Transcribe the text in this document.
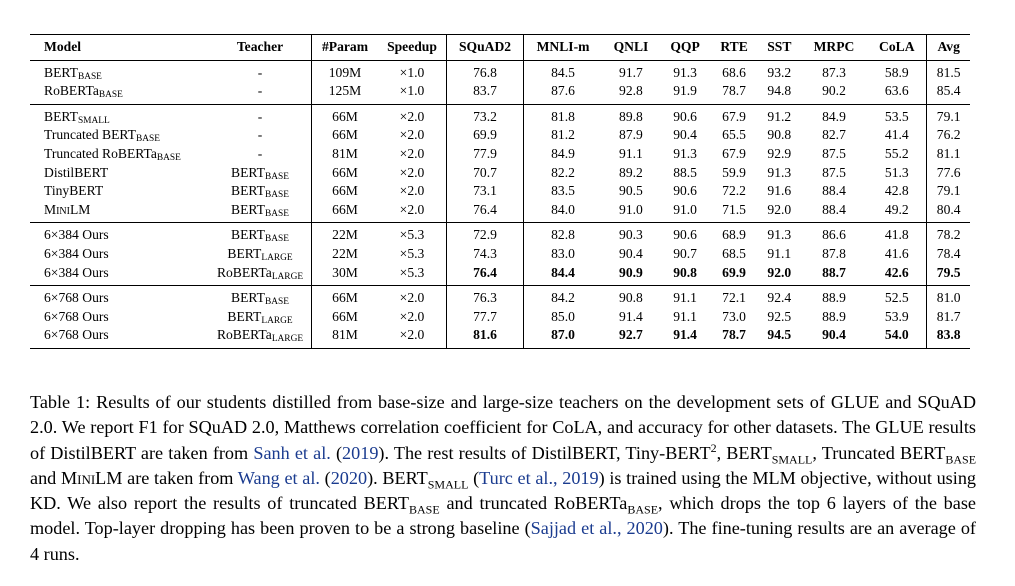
Model	Teacher	#Param	Speedup	SQuAD2	MNLI-m	QNLI	QQP	RTE	SST	MRPC	CoLA	Avg
$BERT_{BASE}$	-	109M	×1.0	76.8	84.5	91.7	91.3	68.6	93.2	87.3	58.9	81.5
RoBERTa$_{BASE}$	-	125M	×1.0	83.7	87.6	92.8	91.9	78.7	94.8	90.2	63.6	85.4
$BERT_{SMALL}$	-	66M	×2.0	73.2	81.8	89.8	90.6	67.9	91.2	84.9	53.5	79.1
Truncated $BERT_{BASE}$	-	66M	×2.0	69.9	81.2	87.9	90.4	65.5	90.8	82.7	41.4	76.2
Truncated RoBERTa$_{BASE}$	-	81M	×2.0	77.9	84.9	91.1	91.3	67.9	92.9	87.5	55.2	81.1
DistilBERT	$BERT_{BASE}$	66M	×2.0	70.7	82.2	89.2	88.5	59.9	91.3	87.5	51.3	77.6
TinyBERT	$BERT_{BASE}$	66M	×2.0	73.1	83.5	90.5	90.6	72.2	91.6	88.4	42.8	79.1
MiniLM	$BERT_{BASE}$	66M	×2.0	76.4	84.0	91.0	91.0	71.5	92.0	88.4	49.2	80.4
6×384 Ours	$BERT_{BASE}$	22M	×5.3	72.9	82.8	90.3	90.6	68.9	91.3	86.6	41.8	78.2
6×384 Ours	$BERT_{LARGE}$	22M	×5.3	74.3	83.0	90.4	90.7	68.5	91.1	87.8	41.6	78.4
6×384 Ours	RoBERTa$_{LARGE}$	30M	×5.3	76.4	84.4	90.9	90.8	69.9	92.0	88.7	42.6	79.5
6×768 Ours	$BERT_{BASE}$	66M	×2.0	76.3	84.2	90.8	91.1	72.1	92.4	88.9	52.5	81.0
6×768 Ours	$BERT_{LARGE}$	66M	×2.0	77.7	85.0	91.4	91.1	73.0	92.5	88.9	53.9	81.7
6×768 Ours	RoBERTa$_{LARGE}$	81M	×2.0	81.6	87.0	92.7	91.4	78.7	94.5	90.4	54.0	83.8
Table 1: Results of our students distilled from base-size and large-size teachers on the development sets of GLUE and SQuAD 2.0. We report F1 for SQuAD 2.0, Matthews correlation coefficient for CoLA, and accuracy for other datasets. The GLUE results of DistilBERT are taken from Sanh et al. (2019). The rest results of DistilBERT, Tiny-BERT$^2$, $BERT_{SMALL}$, Truncated $BERT_{BASE}$ and MiniLM are taken from Wang et al. (2020). $BERT_{SMALL}$ (Turc et al., 2019) is trained using the MLM objective, without using KD. We also report the results of truncated $BERT_{BASE}$ and truncated RoBERTa$_{BASE}$, which drops the top 6 layers of the base model. Top-layer dropping has been proven to be a strong baseline (Sajjad et al., 2020). The fine-tuning results are an average of 4 runs.
